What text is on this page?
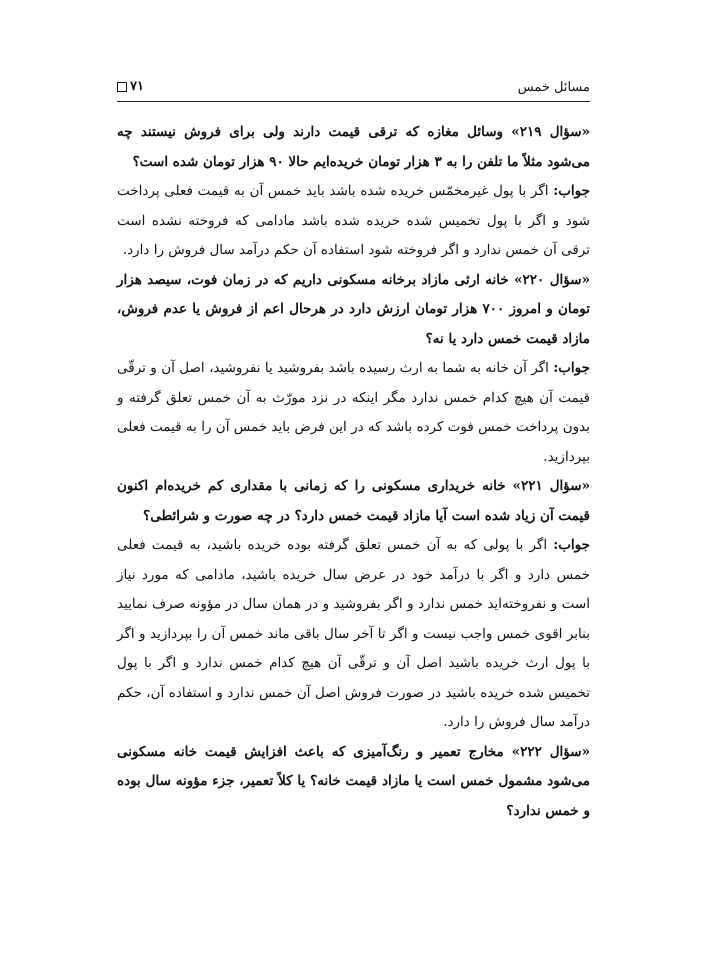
مسائل خمس
۷۱

«سؤال ۲۱۹» وسائل مغازه که ترقی قیمت دارند ولی برای فروش نیستند چه می‌شود مثلاً ما تلفن را به ۳ هزار تومان خریده‌ایم حالا ۹۰ هزار تومان شده است؟

جواب: اگر با پول غیرمخمّس خریده شده باشد باید خمس آن به قیمت فعلی پرداخت شود و اگر با پول تخمیس شده خریده شده باشد مادامی که فروخته نشده است ترقی آن خمس ندارد و اگر فروخته شود استفاده آن حکم درآمد سال فروش را دارد.

«سؤال ۲۲۰» خانه ارثی مازاد برخانه مسکونی داریم که در زمان فوت، سیصد هزار تومان و امروز ۷۰۰ هزار تومان ارزش دارد در هرحال اعم از فروش یا عدم فروش، مازاد قیمت خمس دارد یا نه؟

جواب: اگر آن خانه به شما به ارث رسیده باشد بفروشید یا نفروشید، اصل آن و ترقّی قیمت آن هیچ کدام خمس ندارد مگر اینکه در نزد مورّث به آن خمس تعلق گرفته و بدون پرداخت خمس فوت کرده باشد که در این فرض باید خمس آن را به قیمت فعلی بپردازید.

«سؤال ۲۲۱» خانه خریداری مسکونی را که زمانی با مقداری کم خریده‌ام اکنون قیمت آن زیاد شده است آیا مازاد قیمت خمس دارد؟ در چه صورت و شرائطی؟

جواب: اگر با پولی که به آن خمس تعلق گرفته بوده خریده باشید، به قیمت فعلی خمس دارد و اگر با درآمد خود در عرض سال خریده باشید، مادامی که مورد نیاز است و نفروخته‌اید خمس ندارد و اگر بفروشید و در همان سال در مؤونه صرف نمایید بنابر اقوی خمس واجب نیست و اگر تا آخر سال باقی ماند خمس آن را بپردازید و اگر با پول ارث خریده باشید اصل آن و ترقّی آن هیچ کدام خمس ندارد و اگر با پول تخمیس شده خریده باشید در صورت فروش اصل آن خمس ندارد و استفاده آن، حکم درآمد سال فروش را دارد.

«سؤال ۲۲۲» مخارج تعمیر و رنگ‌آمیزی که باعث افزایش قیمت خانه مسکونی می‌شود مشمول خمس است یا مازاد قیمت خانه؟ یا کلاً تعمیر، جزء مؤونه سال بوده و خمس ندارد؟
